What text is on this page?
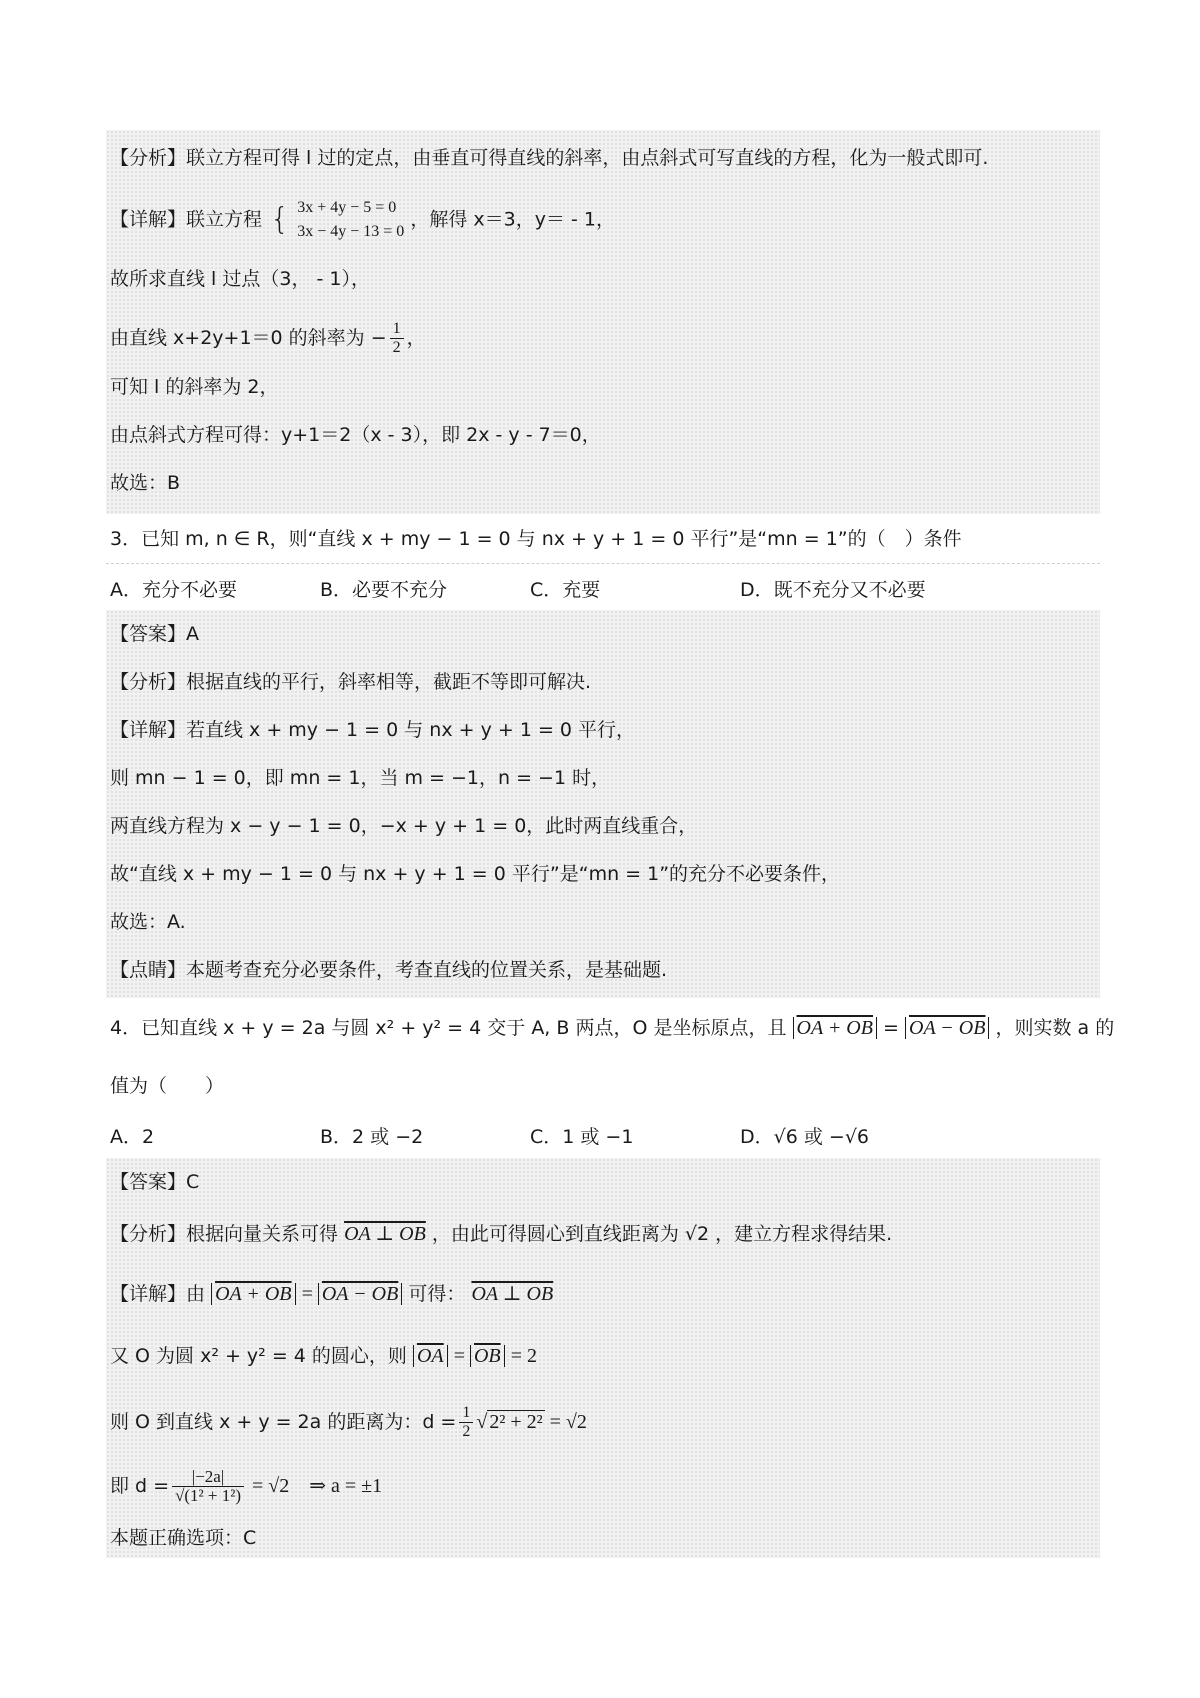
【分析】联立方程可得 l 过的定点，由垂直可得直线的斜率，由点斜式可写直线的方程，化为一般式即可.
【详解】联立方程 { 3x + 4y − 5 = 0
3x − 4y − 13 = 0
，解得 x＝3，y＝ - 1，
故所求直线 l 过点（3， - 1），
由直线 x+2y+1＝0 的斜率为 − $\frac{1}{2}$ ，
可知 l 的斜率为 2，
由点斜式方程可得：y+1＝2（x - 3），即 2x - y - 7＝0，
故选：B
3．已知 m, n ∈ R，则“直线 x + my − 1 = 0 与 nx + y + 1 = 0 平行”是“mn = 1”的（　）条件
A．充分不必要	B．必要不充分	C．充要	D．既不充分又不必要
【答案】A
【分析】根据直线的平行，斜率相等，截距不等即可解决.
【详解】若直线 x + my − 1 = 0 与 nx + y + 1 = 0 平行，
则 mn − 1 = 0，即 mn = 1，当 m = −1，n = −1 时，
两直线方程为 x − y − 1 = 0，−x + y + 1 = 0，此时两直线重合，
故“直线 x + my − 1 = 0 与 nx + y + 1 = 0 平行”是“mn = 1”的充分不必要条件，
故选：A.
【点睛】本题考查充分必要条件，考查直线的位置关系，是基础题.
4．已知直线 x + y = 2a 与圆 x² + y² = 4 交于 A, B 两点，O 是坐标原点，且 OA + OB = OA − OB ，则实数 a 的
值为（　　）
A．2	B．2 或 −2	C．1 或 −1	D．√6 或 −√6
【答案】C
【分析】根据向量关系可得 OA ⊥ OB ，由此可得圆心到直线距离为 √2 ，建立方程求得结果.
【详解】由 OA + OB = OA − OB 可得： OA ⊥ OB
又 O 为圆 x² + y² = 4 的圆心，则 $\overline{OA} = \overline{OB} = 2$
则 O 到直线 x + y = 2a 的距离为：$d = \frac{1}{2}$ √ 2² + 2² = √2
即 $d = \frac{|-2a|}{\text{√(1² + 1²)}} = √2$　⇒ a = ±1
本题正确选项：C
